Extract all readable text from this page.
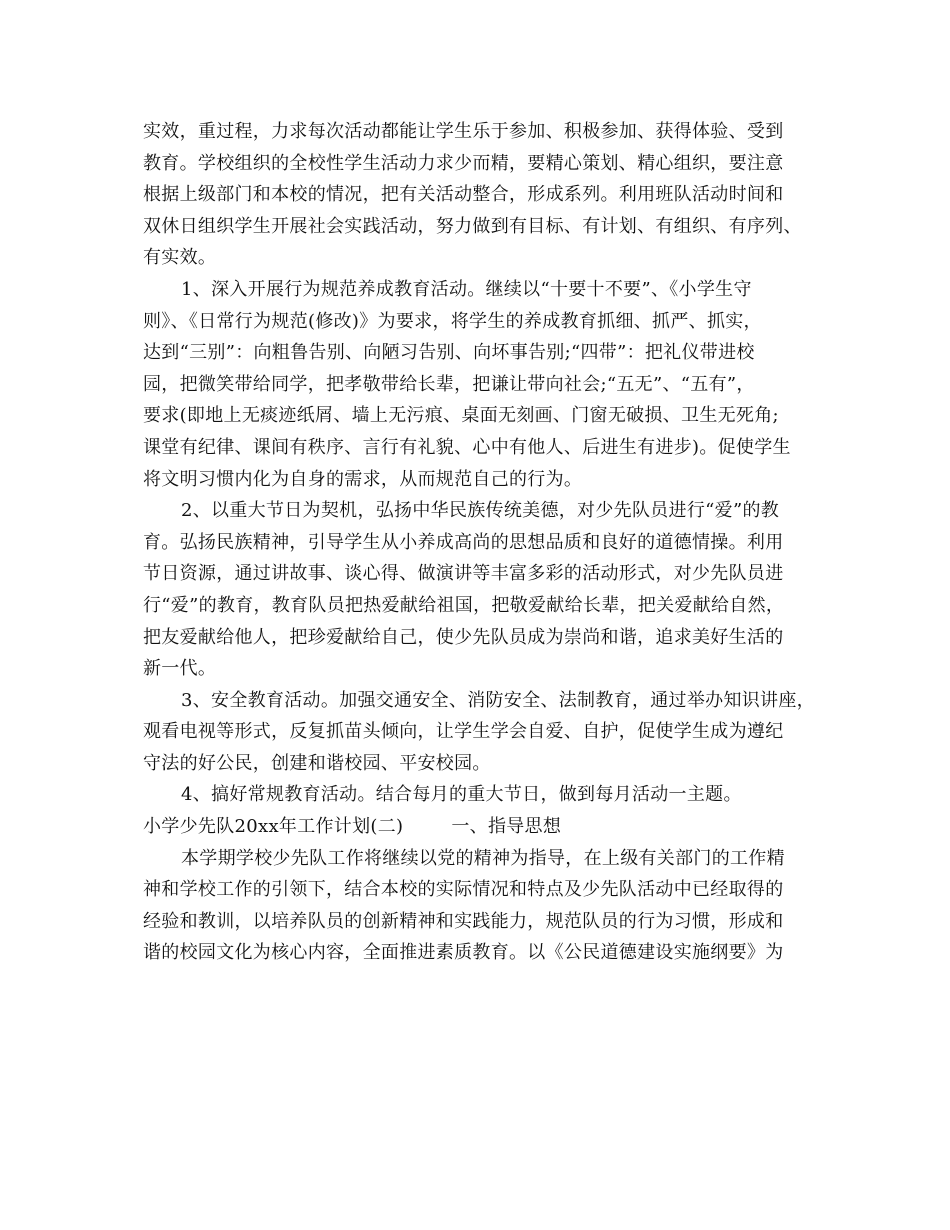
实效，重过程，力求每次活动都能让学生乐于参加、积极参加、获得体验、受到
教育。学校组织的全校性学生活动力求少而精，要精心策划、精心组织，要注意
根据上级部门和本校的情况，把有关活动整合，形成系列。利用班队活动时间和
双休日组织学生开展社会实践活动，努力做到有目标、有计划、有组织、有序列、
有实效。
1、深入开展行为规范养成教育活动。继续以“十要十不要”、《小学生守
则》、《日常行为规范(修改)》为要求，将学生的养成教育抓细、抓严、抓实，
达到“三别”：向粗鲁告别、向陋习告别、向坏事告别;“四带”：把礼仪带进校
园，把微笑带给同学，把孝敬带给长辈，把谦让带向社会;“五无”、“五有”，
要求(即地上无痰迹纸屑、墙上无污痕、桌面无刻画、门窗无破损、卫生无死角;
课堂有纪律、课间有秩序、言行有礼貌、心中有他人、后进生有进步)。促使学生
将文明习惯内化为自身的需求，从而规范自己的行为。
2、以重大节日为契机，弘扬中华民族传统美德，对少先队员进行“爱”的教
育。弘扬民族精神，引导学生从小养成高尚的思想品质和良好的道德情操。利用
节日资源，通过讲故事、谈心得、做演讲等丰富多彩的活动形式，对少先队员进
行“爱”的教育，教育队员把热爱献给祖国，把敬爱献给长辈，把关爱献给自然，
把友爱献给他人，把珍爱献给自己，使少先队员成为崇尚和谐，追求美好生活的
新一代。
3、安全教育活动。加强交通安全、消防安全、法制教育，通过举办知识讲座，
观看电视等形式，反复抓苗头倾向，让学生学会自爱、自护，促使学生成为遵纪
守法的好公民，创建和谐校园、平安校园。
4、搞好常规教育活动。结合每月的重大节日，做到每月活动一主题。
小学少先队20xx年工作计划(二)	一、指导思想
本学期学校少先队工作将继续以党的精神为指导，在上级有关部门的工作精
神和学校工作的引领下，结合本校的实际情况和特点及少先队活动中已经取得的
经验和教训，以培养队员的创新精神和实践能力，规范队员的行为习惯，形成和
谐的校园文化为核心内容，全面推进素质教育。以《公民道德建设实施纲要》为
